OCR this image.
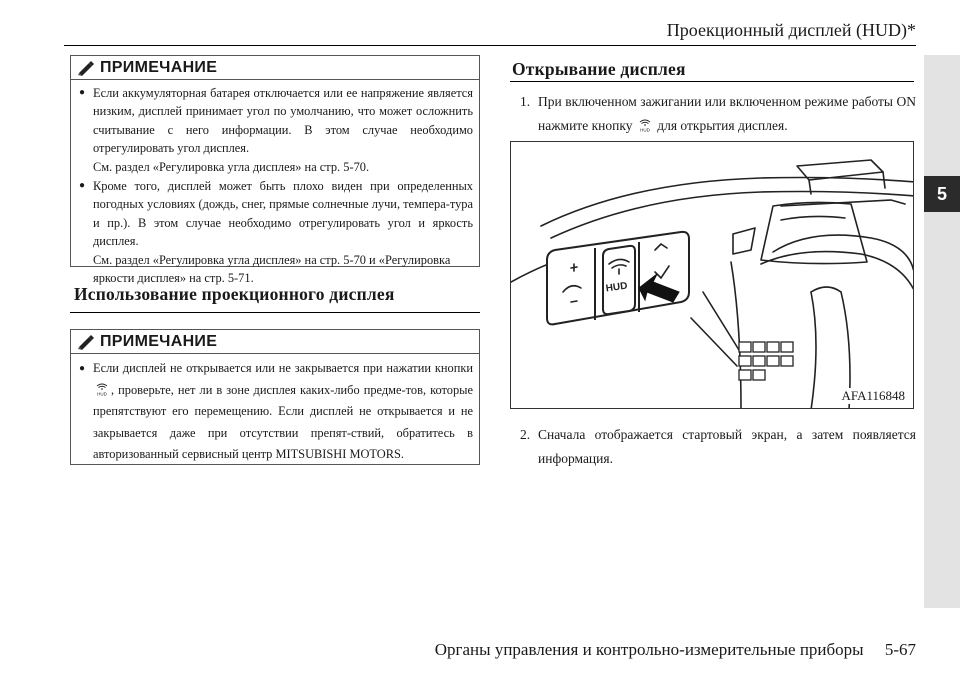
Проекционный дисплей (HUD)*
5
ПРИМЕЧАНИЕ
● Если аккумуляторная батарея отключается или ее напряжение является низким, дисплей принимает угол по умолчанию, что может осложнить считывание с него информации. В этом случае необходимо отрегулировать угол дисплея.
См. раздел «Регулировка угла дисплея» на стр. 5-70.
● Кроме того, дисплей может быть плохо виден при определенных погодных условиях (дождь, снег, прямые солнечные лучи, темпера-тура и пр.). В этом случае необходимо отрегулировать угол и яркость дисплея.
См. раздел «Регулировка угла дисплея» на стр. 5-70 и «Регулировка яркости дисплея» на стр. 5-71.
Использование проекционного дисплея
ПРИМЕЧАНИЕ
● Если дисплей не открывается или не закрывается при нажатии кнопки
HUD , проверьте, нет ли в зоне дисплея каких-либо предме-тов, которые препятствуют его перемещению. Если дисплей не открывается и не закрывается даже при отсутствии препят-ствий, обратитесь в авторизованный сервисный центр MITSUBISHI MOTORS.
Открывание дисплея
1. При включенном зажигании или включенном режиме работы ON нажмите кнопку HUD для открытия дисплея.
HUD
AFA116848
2. Сначала отображается стартовый экран, а затем появляется информация.
Органы управления и контрольно-измерительные приборы     5-67
